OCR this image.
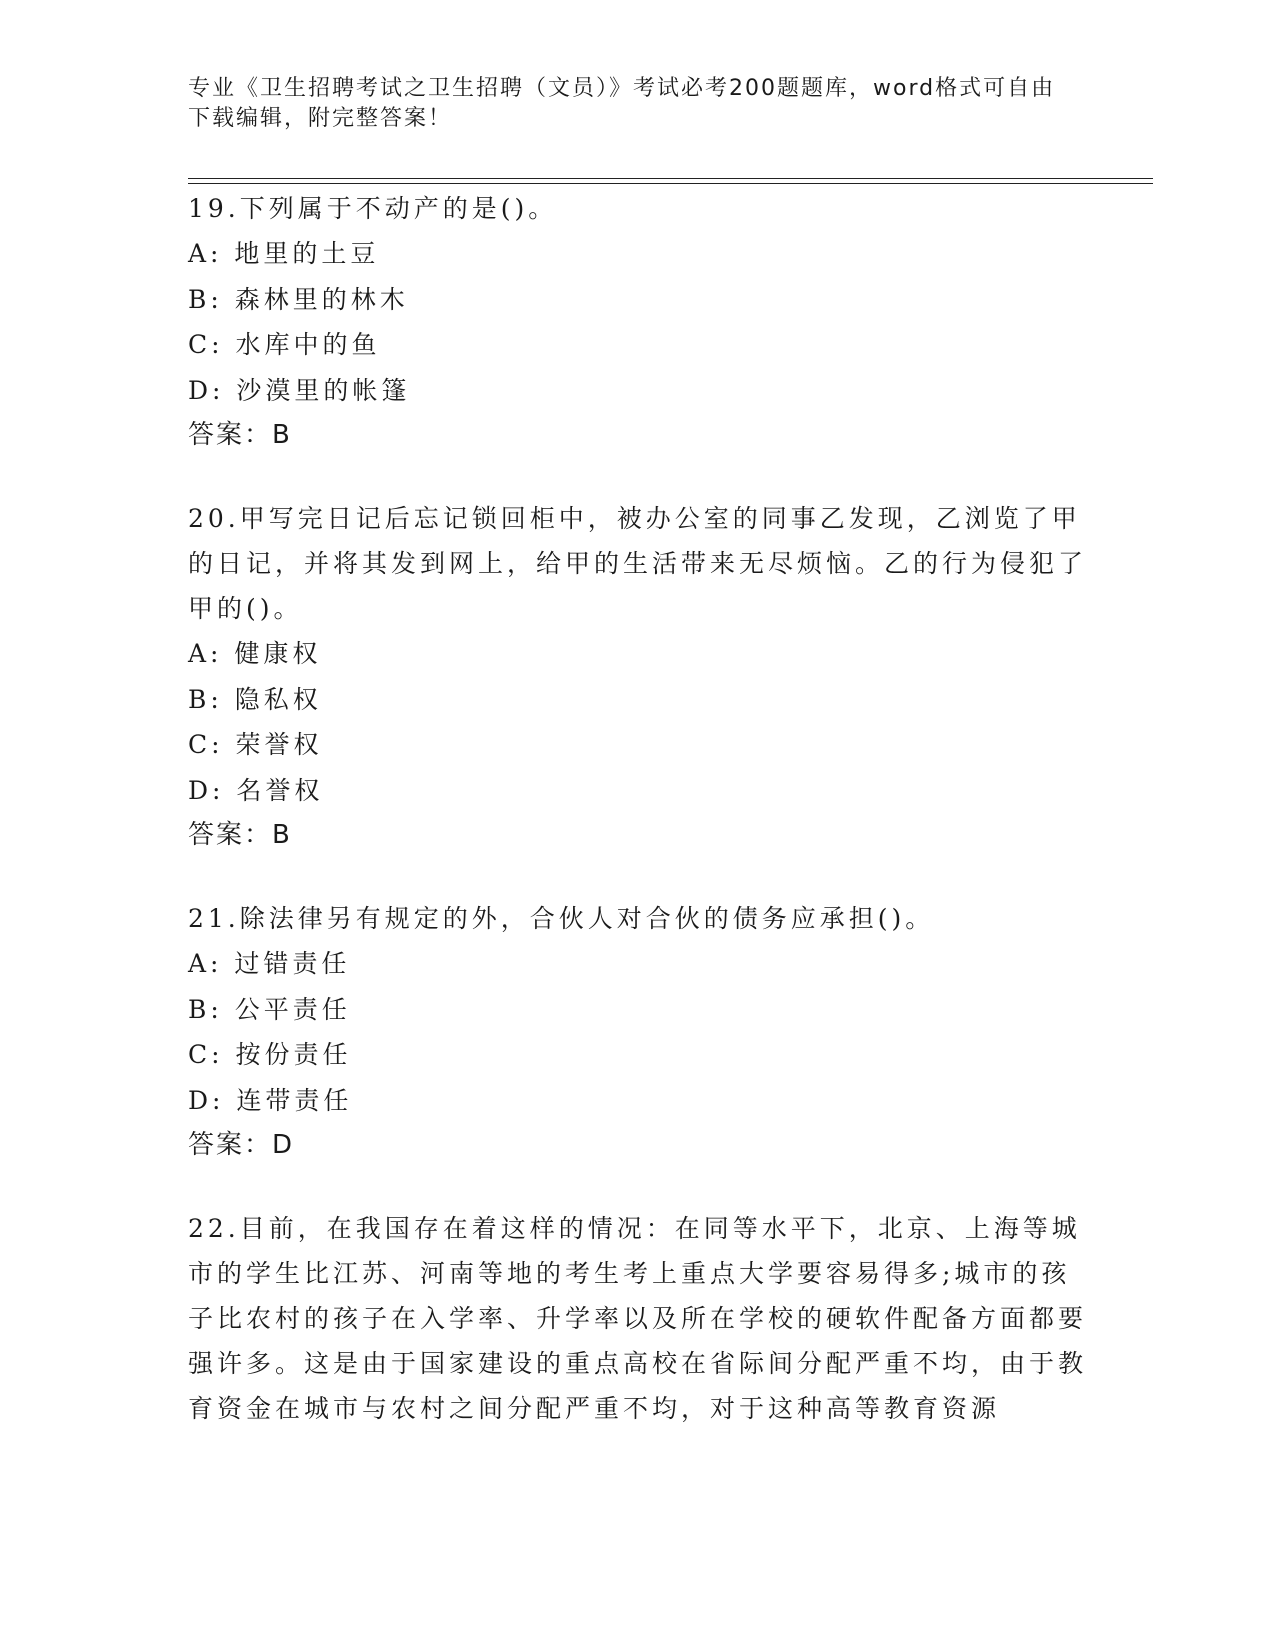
专业《卫生招聘考试之卫生招聘（文员）》考试必考200题题库，word格式可自由下载编辑，附完整答案！

19.下列属于不动产的是()。

A: 地里的土豆

B: 森林里的林木

C: 水库中的鱼

D: 沙漠里的帐篷

答案：B

20.甲写完日记后忘记锁回柜中，被办公室的同事乙发现，乙浏览了甲的日记，并将其发到网上，给甲的生活带来无尽烦恼。乙的行为侵犯了甲的()。

A: 健康权

B: 隐私权

C: 荣誉权

D: 名誉权

答案：B

21.除法律另有规定的外，合伙人对合伙的债务应承担()。

A: 过错责任

B: 公平责任

C: 按份责任

D: 连带责任

答案：D

22.目前，在我国存在着这样的情况：在同等水平下，北京、上海等城市的学生比江苏、河南等地的考生考上重点大学要容易得多;城市的孩子比农村的孩子在入学率、升学率以及所在学校的硬软件配备方面都要强许多。这是由于国家建设的重点高校在省际间分配严重不均，由于教育资金在城市与农村之间分配严重不均，对于这种高等教育资源
